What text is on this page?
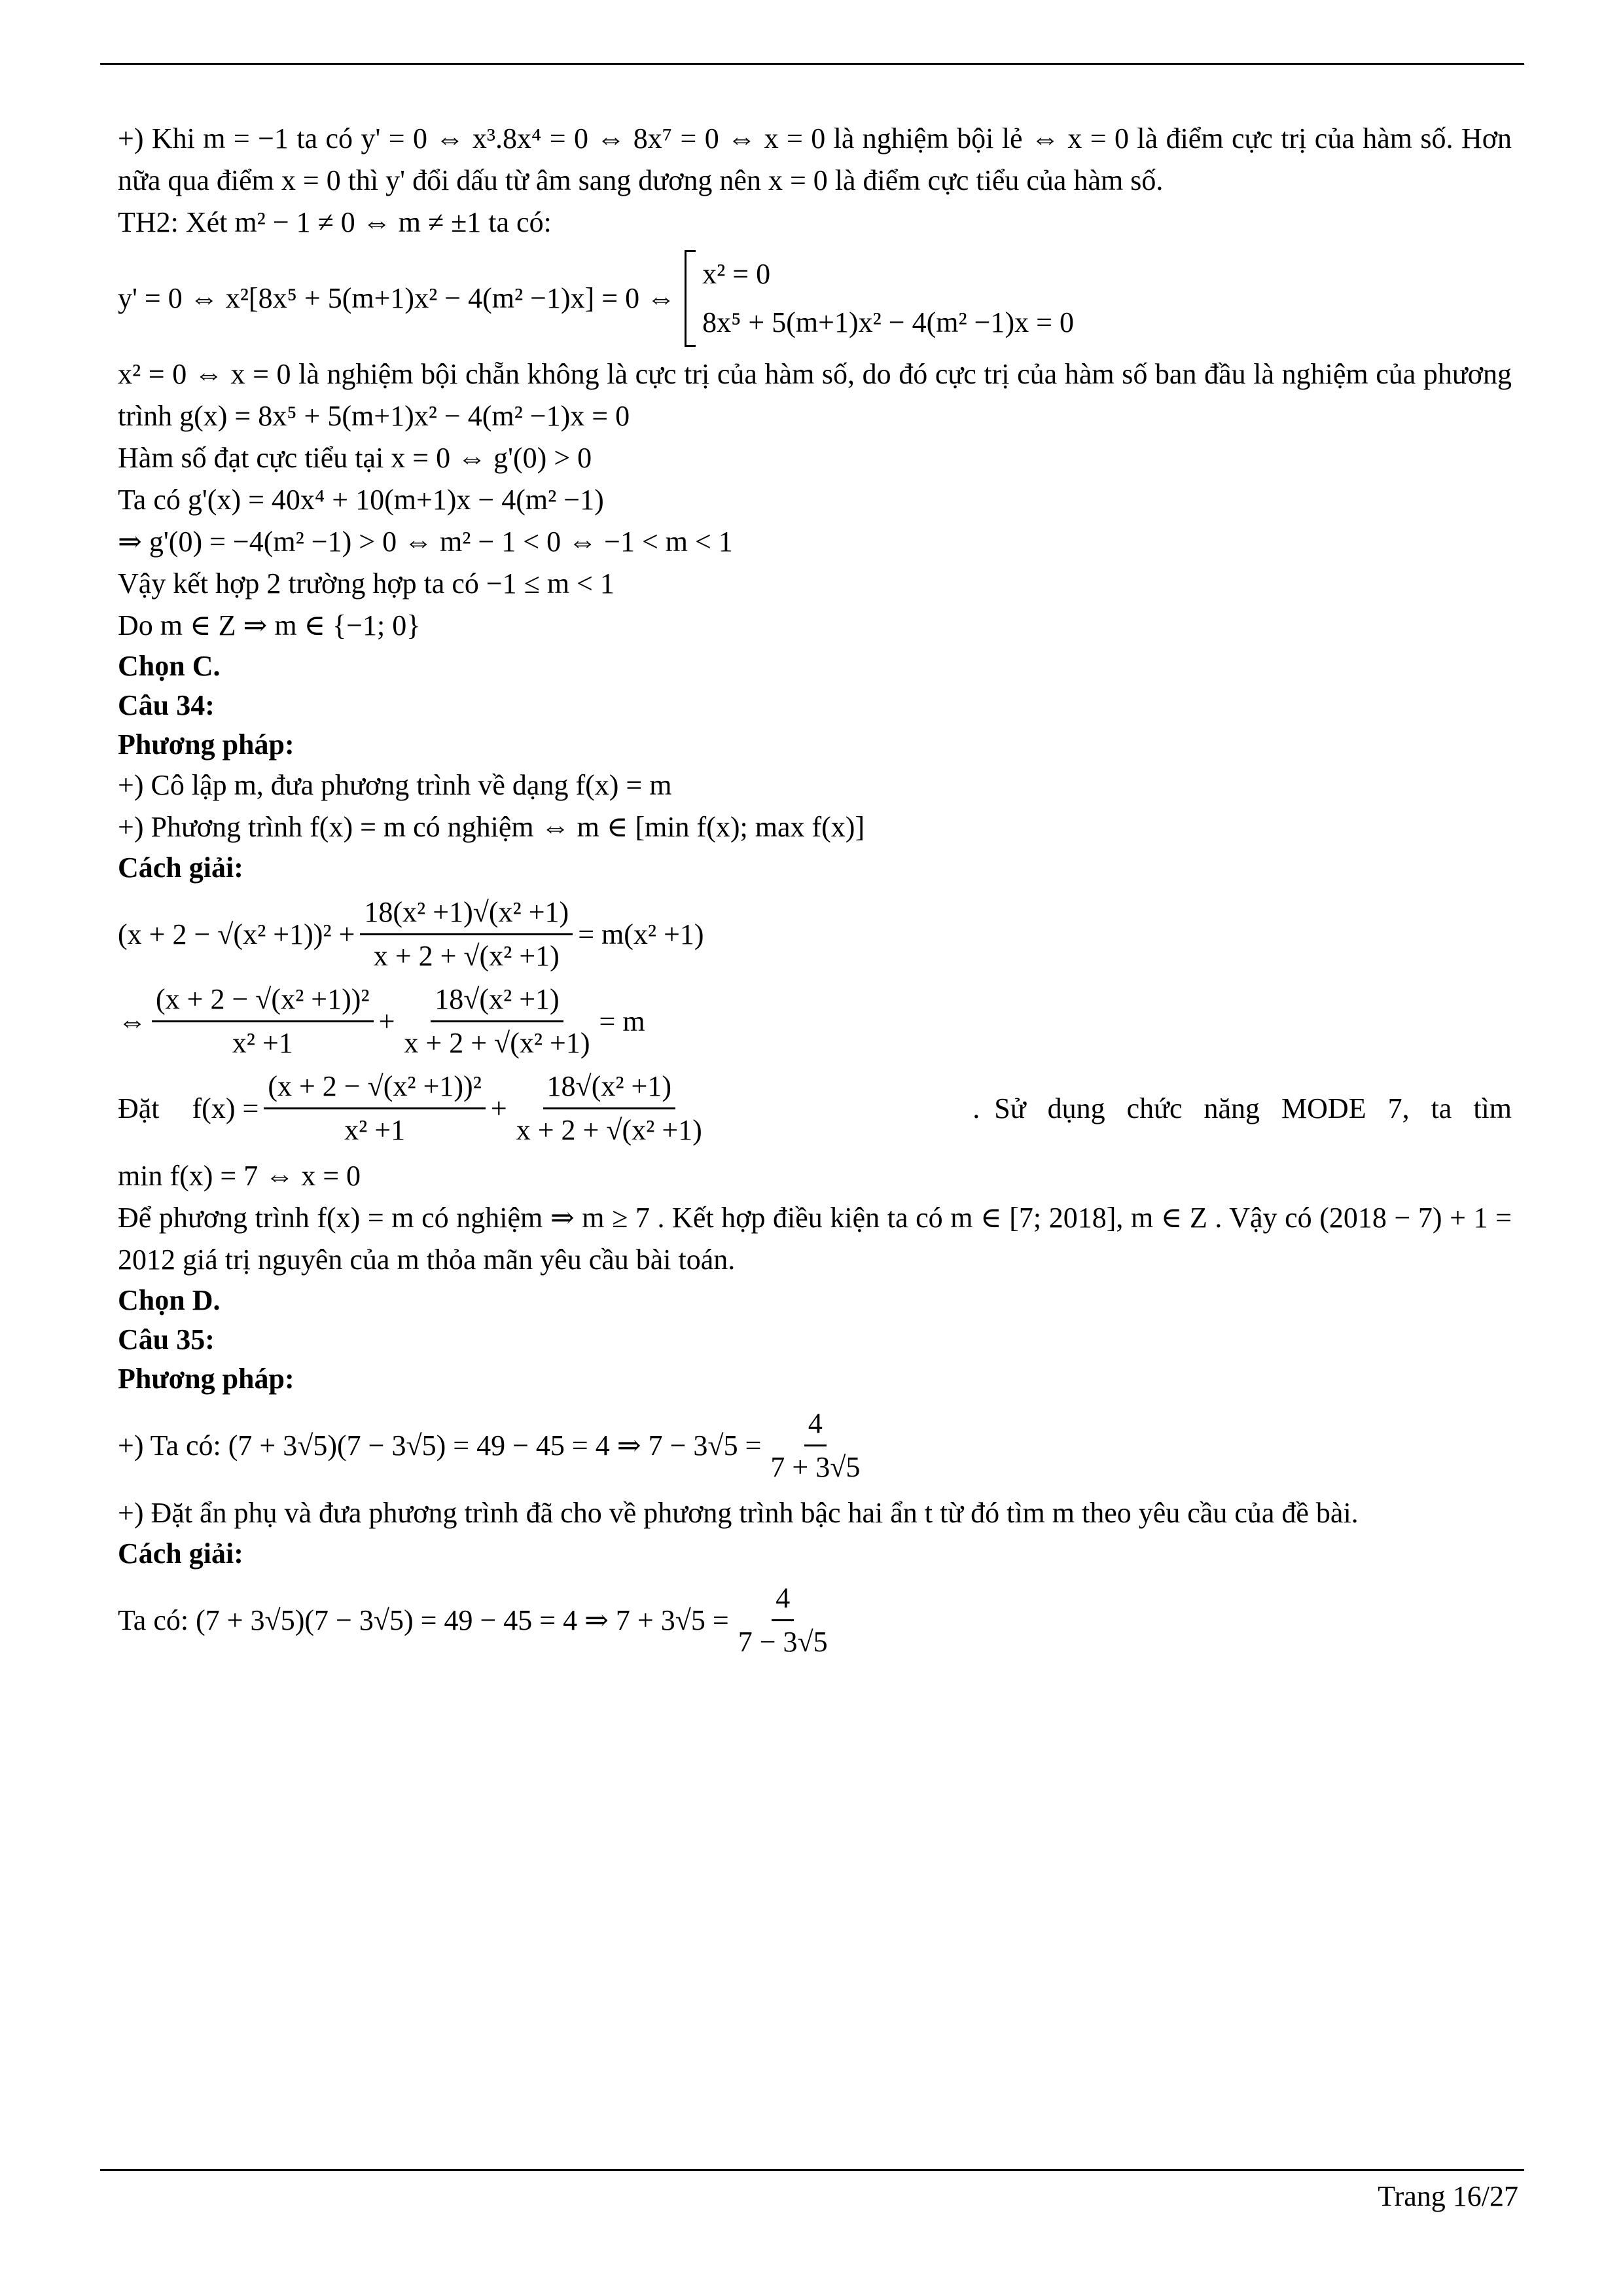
+) Khi m = −1 ta có y' = 0 ⇔ x³.8x⁴ = 0 ⇔ 8x⁷ = 0 ⇔ x = 0 là nghiệm bội lẻ ⇔ x = 0 là điểm cực trị của hàm số. Hơn nữa qua điểm x = 0 thì y' đổi dấu từ âm sang dương nên x = 0 là điểm cực tiểu của hàm số.

TH2: Xét m² − 1 ≠ 0 ⇔ m ≠ ±1 ta có:

y' = 0 ⇔ x²[8x⁵ + 5(m+1)x² − 4(m² −1)x] = 0 ⇔
x² = 0
8x⁵ + 5(m+1)x² − 4(m² −1)x = 0

x² = 0 ⇔ x = 0 là nghiệm bội chẵn không là cực trị của hàm số, do đó cực trị của hàm số ban đầu là nghiệm của phương trình g(x) = 8x⁵ + 5(m+1)x² − 4(m² −1)x = 0

Hàm số đạt cực tiểu tại x = 0 ⇔ g'(0) > 0

Ta có g'(x) = 40x⁴ + 10(m+1)x − 4(m² −1)

⇒ g'(0) = −4(m² −1) > 0 ⇔ m² − 1 < 0 ⇔ −1 < m < 1

Vậy kết hợp 2 trường hợp ta có −1 ≤ m < 1

Do m ∈ Z ⇒ m ∈ {−1; 0}

Chọn C.

Câu 34:

Phương pháp:

+) Cô lập m, đưa phương trình về dạng f(x) = m

+) Phương trình f(x) = m có nghiệm ⇔ m ∈ [min f(x); max f(x)]

Cách giải:

$(x + 2 - √(x^2 +1))^2 + \frac{\text{18(x² +1)√(x² +1)}}{\text{x + 2 + √(x² +1)}} = m(x^2 +1)$
⇔ $\frac{\text{(x + 2 − √(x² +1))²}}{\text{x² +1}} + \frac{\text{18√(x² +1)}}{\text{x + 2 + √(x² +1)}} = m$
Đặt $f(x) = \frac{\text{(x + 2 − √(x² +1))²}}{\text{x² +1}} + \frac{\text{18√(x² +1)}}{\text{x + 2 + √(x² +1)}}$	.  Sử   dụng   chức   năng   MODE   7,   ta   tìm

min f(x) = 7 ⇔ x = 0

Để phương trình f(x) = m có nghiệm ⇒ m ≥ 7 . Kết hợp điều kiện ta có m ∈ [7; 2018], m ∈ Z . Vậy có (2018 − 7) + 1 = 2012 giá trị nguyên của m thỏa mãn yêu cầu bài toán.

Chọn D.

Câu 35:

Phương pháp:

+) Ta có: (7 + 3√5)(7 − 3√5) = 49 − 45 = 4 ⇒ $7 - 3√5 = \frac{4}{7 + 3√5}$

+) Đặt ẩn phụ và đưa phương trình đã cho về phương trình bậc hai ẩn t từ đó tìm m theo yêu cầu của đề bài.

Cách giải:

Ta có: (7 + 3√5)(7 − 3√5) = 49 − 45 = 4 ⇒ $7 + 3√5 = \frac{4}{7 - 3√5}$
Trang 16/27
